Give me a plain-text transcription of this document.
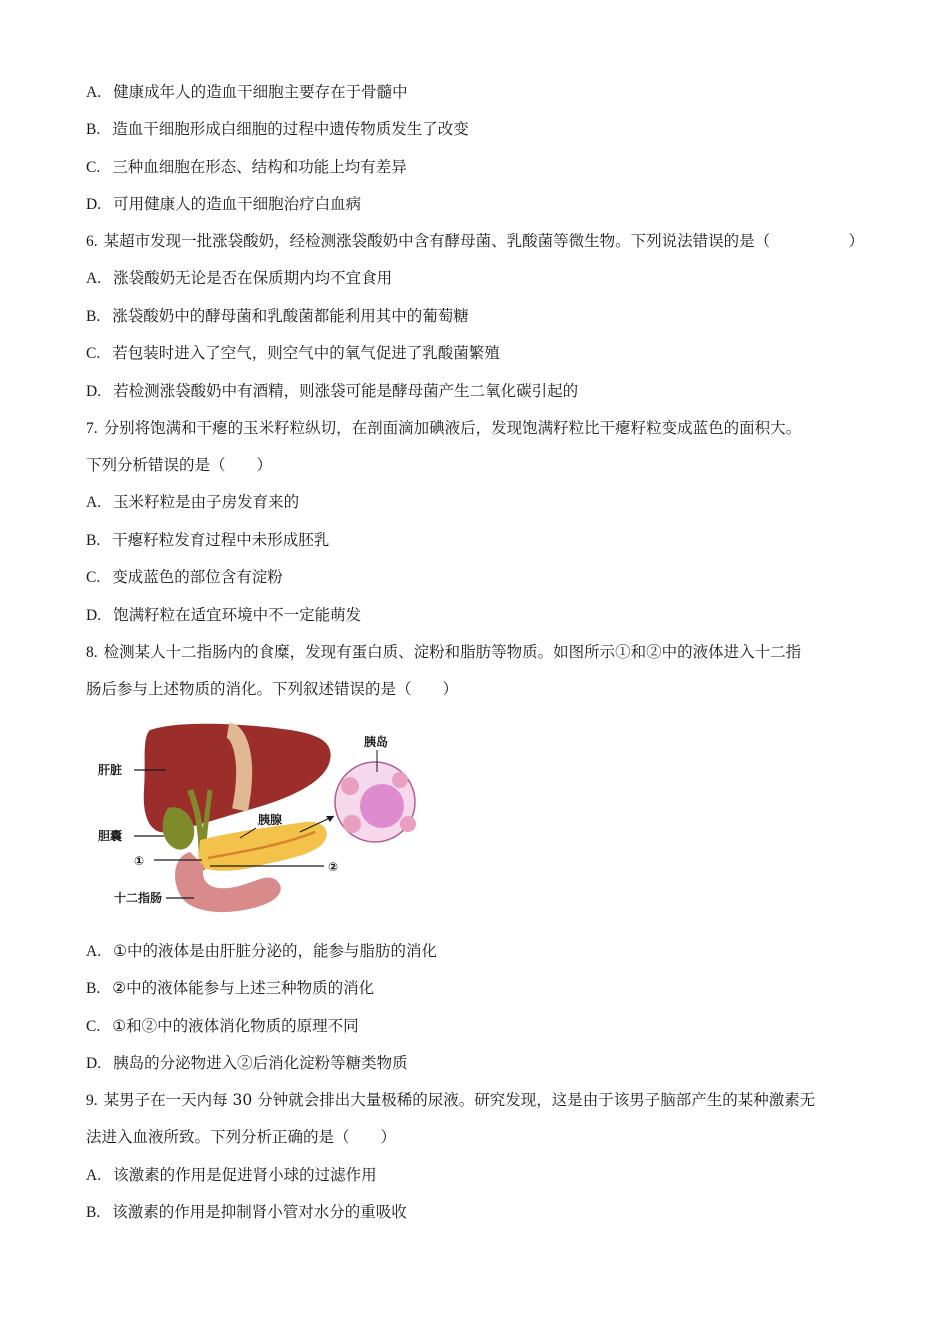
A. 健康成年人的造血干细胞主要存在于骨髓中
B. 造血干细胞形成白细胞的过程中遗传物质发生了改变
C. 三种血细胞在形态、结构和功能上均有差异
D. 可用健康人的造血干细胞治疗白血病
6. 某超市发现一批涨袋酸奶，经检测涨袋酸奶中含有酵母菌、乳酸菌等微生物。下列说法错误的是（	）
A. 涨袋酸奶无论是否在保质期内均不宜食用
B. 涨袋酸奶中的酵母菌和乳酸菌都能利用其中的葡萄糖
C. 若包装时进入了空气，则空气中的氧气促进了乳酸菌繁殖
D. 若检测涨袋酸奶中有酒精，则涨袋可能是酵母菌产生二氧化碳引起的
7. 分别将饱满和干瘪的玉米籽粒纵切，在剖面滴加碘液后，发现饱满籽粒比干瘪籽粒变成蓝色的面积大。
下列分析错误的是（　　）
A. 玉米籽粒是由子房发育来的
B. 干瘪籽粒发育过程中未形成胚乳
C. 变成蓝色的部位含有淀粉
D. 饱满籽粒在适宜环境中不一定能萌发
8. 检测某人十二指肠内的食糜，发现有蛋白质、淀粉和脂肪等物质。如图所示①和②中的液体进入十二指
肠后参与上述物质的消化。下列叙述错误的是（　　）
肝脏
胆囊
①
胰腺
②
十二指肠
胰岛
A. ①中的液体是由肝脏分泌的，能参与脂肪的消化
B. ②中的液体能参与上述三种物质的消化
C. ①和②中的液体消化物质的原理不同
D. 胰岛的分泌物进入②后消化淀粉等糖类物质
9. 某男子在一天内每 30 分钟就会排出大量极稀的尿液。研究发现，这是由于该男子脑部产生的某种激素无
法进入血液所致。下列分析正确的是（　　）
A. 该激素的作用是促进肾小球的过滤作用
B. 该激素的作用是抑制肾小管对水分的重吸收
